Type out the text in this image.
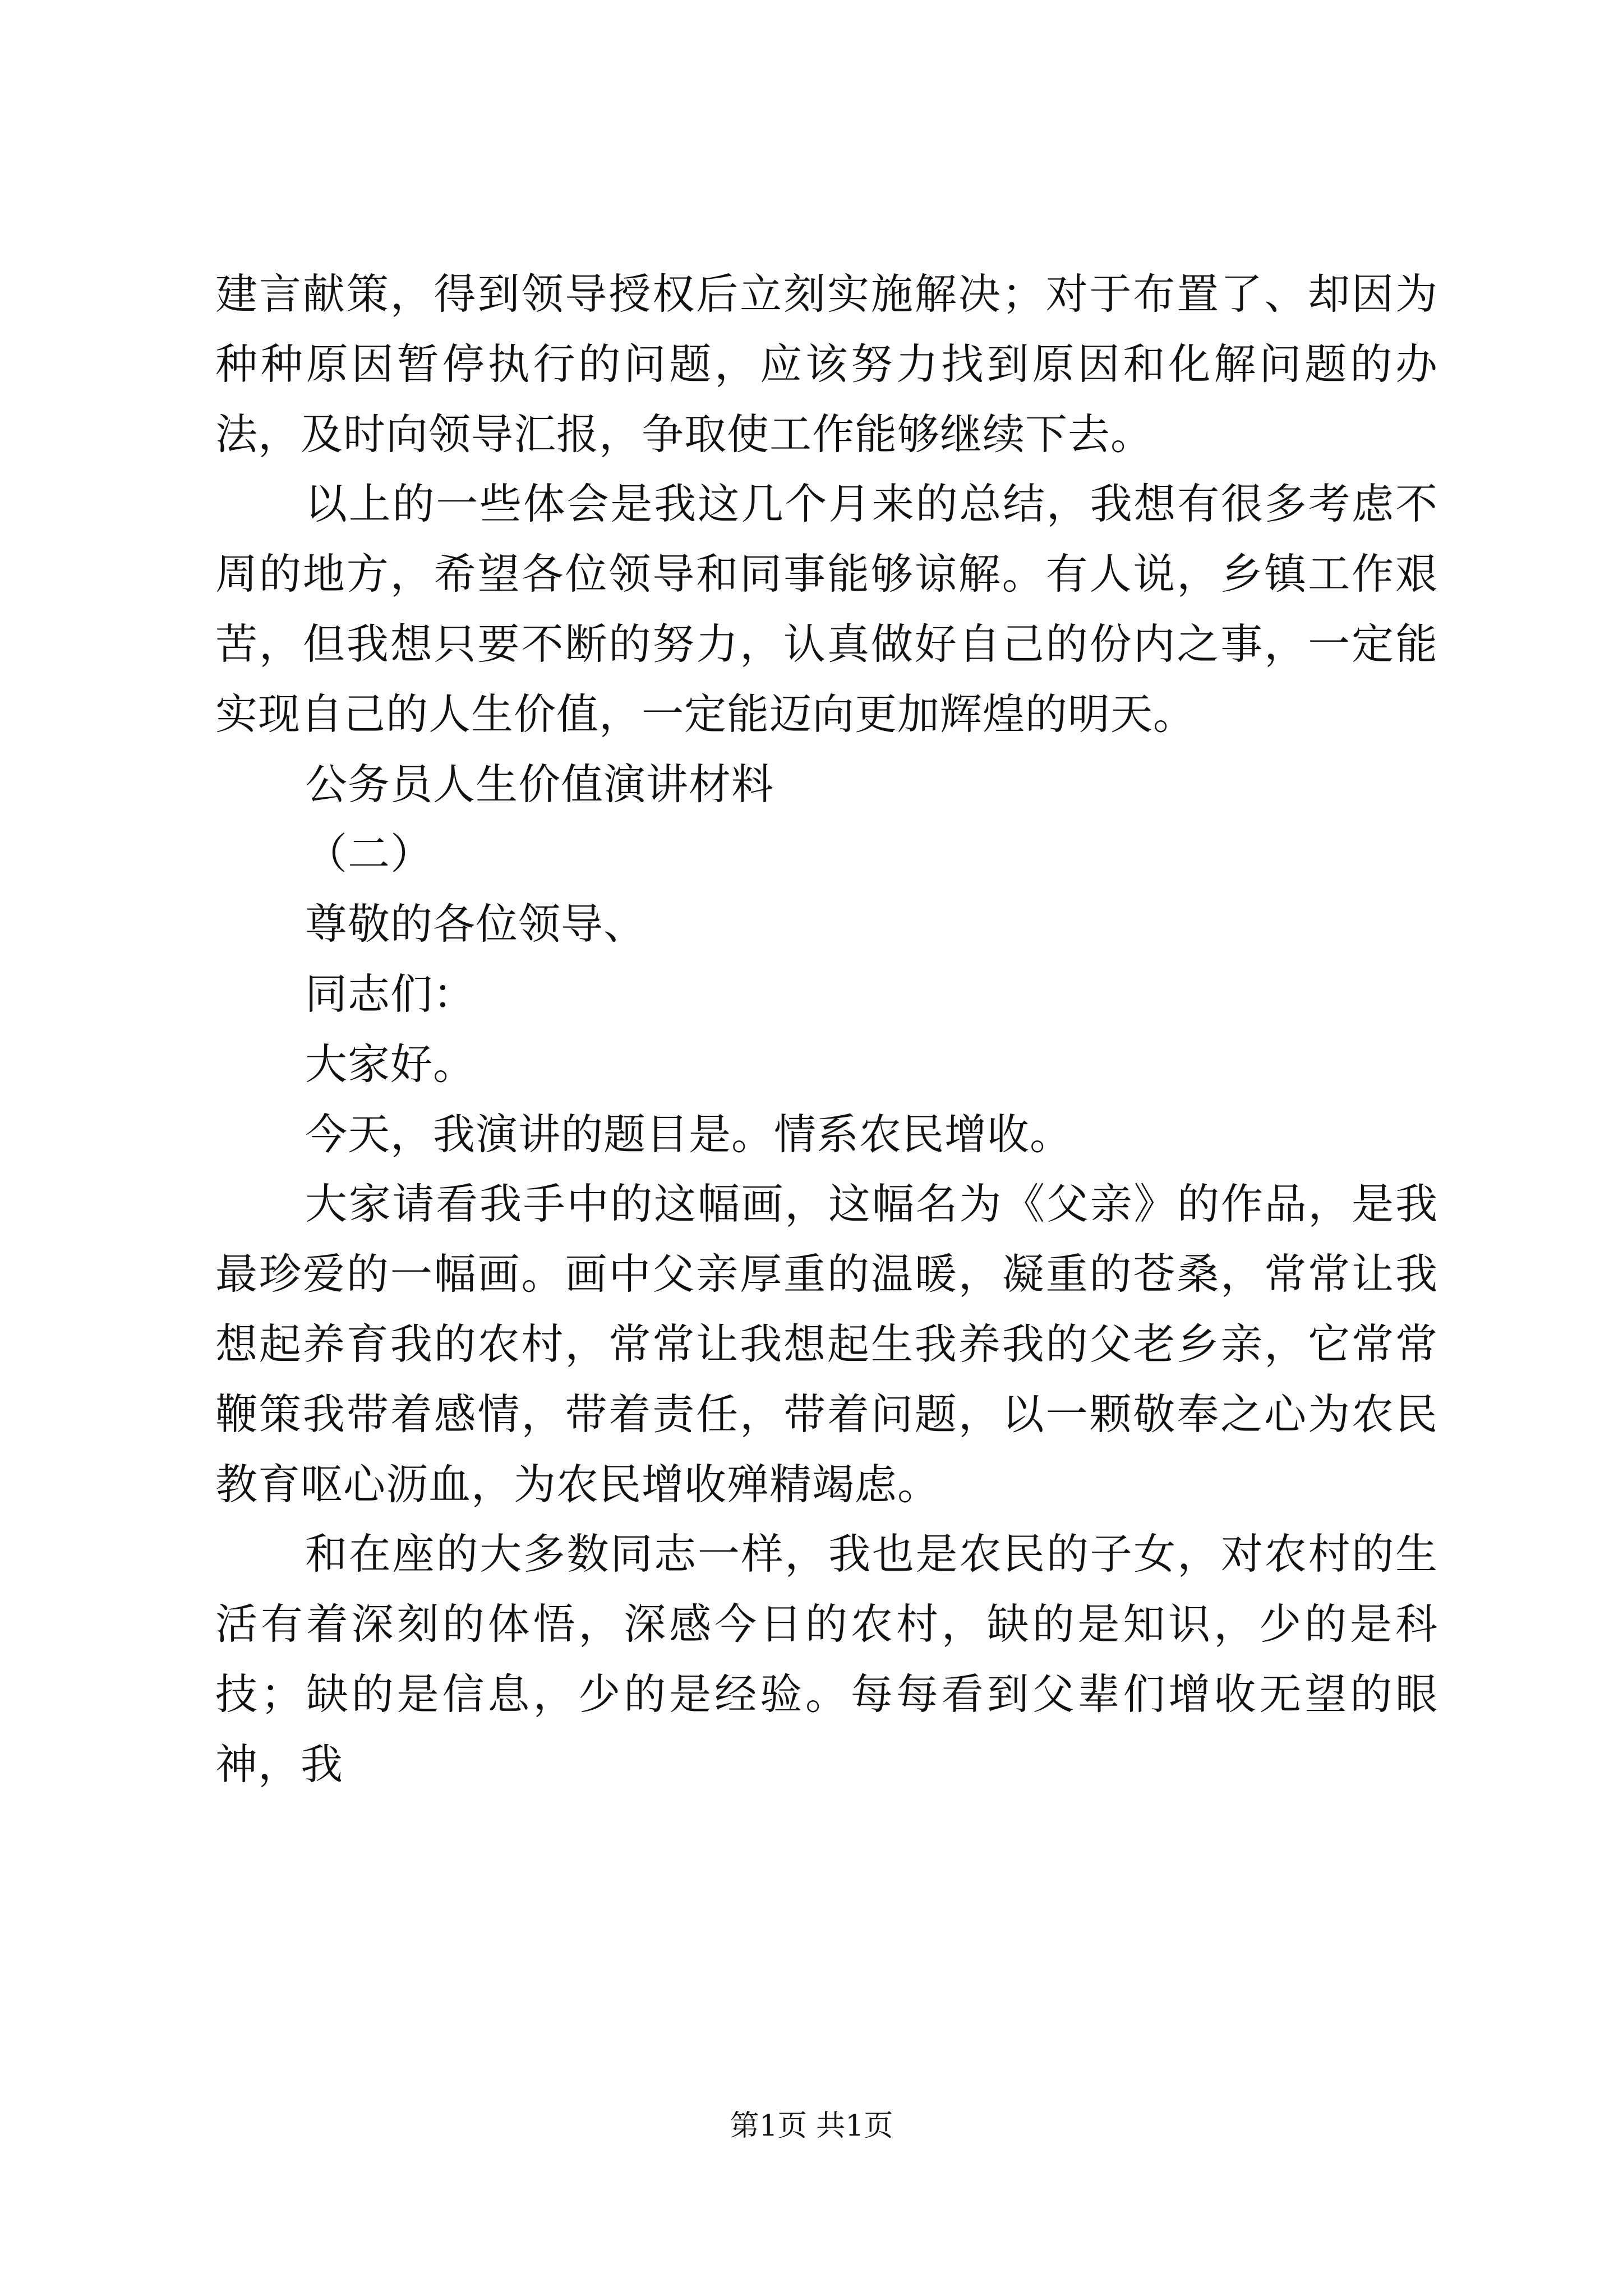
建言献策，得到领导授权后立刻实施解决；对于布置了、却因为种种原因暂停执行的问题，应该努力找到原因和化解问题的办法，及时向领导汇报，争取使工作能够继续下去。

以上的一些体会是我这几个月来的总结，我想有很多考虑不周的地方，希望各位领导和同事能够谅解。有人说，乡镇工作艰苦，但我想只要不断的努力，认真做好自己的份内之事，一定能实现自己的人生价值，一定能迈向更加辉煌的明天。

公务员人生价值演讲材料

（二）

尊敬的各位领导、

同志们：

大家好。

今天，我演讲的题目是。情系农民增收。

大家请看我手中的这幅画，这幅名为《父亲》的作品，是我最珍爱的一幅画。画中父亲厚重的温暖，凝重的苍桑，常常让我想起养育我的农村，常常让我想起生我养我的父老乡亲，它常常鞭策我带着感情，带着责任，带着问题，以一颗敬奉之心为农民教育呕心沥血，为农民增收殚精竭虑。

和在座的大多数同志一样，我也是农民的子女，对农村的生活有着深刻的体悟，深感今日的农村，缺的是知识，少的是科技；缺的是信息，少的是经验。每每看到父辈们增收无望的眼神，我

第1页 共1页
